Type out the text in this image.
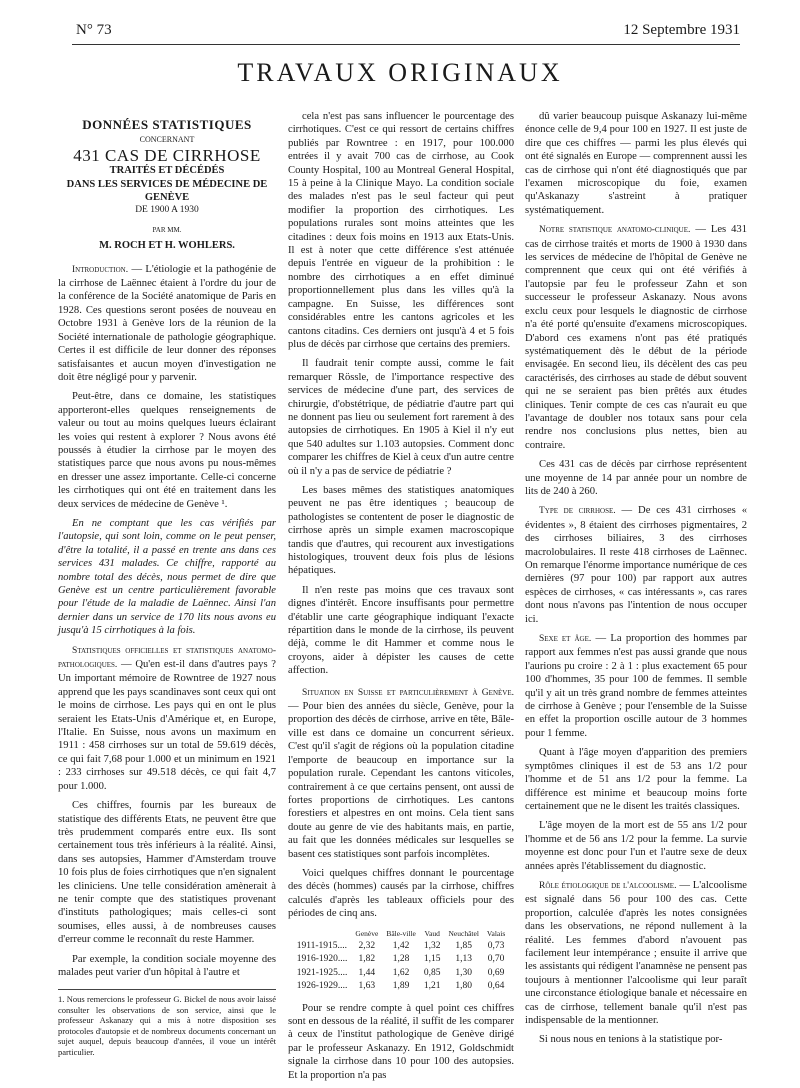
N° 73	12 Septembre 1931
TRAVAUX ORIGINAUX
DONNÉES STATISTIQUES
CONCERNANT
431 CAS DE CIRRHOSE
TRAITÉS ET DÉCÉDÉS
DANS LES SERVICES DE MÉDECINE DE GENÈVE
DE 1900 A 1930
PAR MM.
M. ROCH ET H. WOHLERS.

Introduction. — L'étiologie et la pathogénie de la cirrhose de Laënnec étaient à l'ordre du jour de la conférence de la Société anatomique de Paris en 1928. Ces questions seront posées de nouveau en Octobre 1931 à Genève lors de la réunion de la Société internationale de pathologie géographique. Certes il est difficile de leur donner des réponses satisfaisantes et aucun moyen d'investigation ne doit être négligé pour y parvenir.

Peut-être, dans ce domaine, les statistiques apporteront-elles quelques renseignements de valeur ou tout au moins quelques lueurs éclairant les voies qui restent à explorer ? Nous avons été poussés à étudier la cirrhose par le moyen des statistiques parce que nous avons pu nous-mêmes en dresser une assez importante. Celle-ci concerne les cirrhotiques qui ont été en traitement dans les deux services de médecine de Genève ¹.

En ne comptant que les cas vérifiés par l'autopsie, qui sont loin, comme on le peut penser, d'être la totalité, il a passé en trente ans dans ces services 431 malades. Ce chiffre, rapporté au nombre total des décès, nous permet de dire que Genève est un centre particulièrement favorable pour l'étude de la maladie de Laënnec. Ainsi l'an dernier dans un service de 170 lits nous avons eu jusqu'à 15 cirrhotiques à la fois.

Statistiques officielles et statistiques anatomo-pathologiques. — Qu'en est-il dans d'autres pays ? Un important mémoire de Rowntree de 1927 nous apprend que les pays scandinaves sont ceux qui ont le moins de cirrhose. Les pays qui en ont le plus seraient les Etats-Unis d'Amérique et, en Europe, l'Italie. En Suisse, nous avons un maximum en 1911 : 458 cirrhoses sur un total de 59.619 décès, ce qui fait 7,68 pour 1.000 et un minimum en 1921 : 233 cirrhoses sur 49.518 décès, ce qui fait 4,7 pour 1.000.

Ces chiffres, fournis par les bureaux de statistique des différents Etats, ne peuvent être que très prudemment comparés entre eux. Ils sont certainement tous très inférieurs à la réalité. Ainsi, dans ses autopsies, Hammer d'Amsterdam trouve 10 fois plus de foies cirrhotiques que n'en signalent les cliniciens. Une telle considération amènerait à ne tenir compte que des statistiques provenant d'instituts pathologiques; mais celles-ci sont soumises, elles aussi, à de nombreuses causes d'erreur comme le reconnaît du reste Hammer.

Par exemple, la condition sociale moyenne des malades peut varier d'un hôpital à l'autre et

1. Nous remercions le professeur G. Bickel de nous avoir laissé consulter les observations de son service, ainsi que le professeur Askanazy qui a mis à notre disposition ses protocoles d'autopsie et de nombreux documents concernant un sujet auquel, depuis beaucoup d'années, il voue un intérêt particulier.

cela n'est pas sans influencer le pourcentage des cirrhotiques. C'est ce qui ressort de certains chiffres publiés par Rowntree : en 1917, pour 100.000 entrées il y avait 700 cas de cirrhose, au Cook County Hospital, 100 au Montreal General Hospital, 15 à peine à la Clinique Mayo. La condition sociale des malades n'est pas le seul facteur qui peut modifier la proportion des cirrhotiques. Les populations rurales sont moins atteintes que les citadines : deux fois moins en 1913 aux Etats-Unis. Il est à noter que cette différence s'est atténuée depuis l'entrée en vigueur de la prohibition : le nombre des cirrhotiques a en effet diminué proportionnellement plus dans les villes qu'à la campagne. En Suisse, les différences sont considérables entre les cantons agricoles et les cantons citadins. Ces derniers ont jusqu'à 4 et 5 fois plus de décès par cirrhose que certains des premiers.

Il faudrait tenir compte aussi, comme le fait remarquer Rössle, de l'importance respective des services de médecine d'une part, des services de chirurgie, d'obstétrique, de pédiatrie d'autre part qui ne donnent pas lieu ou seulement fort rarement à des autopsies de cirrhotiques. En 1905 à Kiel il n'y eut que 540 adultes sur 1.103 autopsies. Comment donc comparer les chiffres de Kiel à ceux d'un autre centre où il n'y a pas de service de pédiatrie ?

Les bases mêmes des statistiques anatomiques peuvent ne pas être identiques ; beaucoup de pathologistes se contentent de poser le diagnostic de cirrhose après un simple examen macroscopique tandis que d'autres, qui recourent aux investigations histologiques, trouvent deux fois plus de lésions hépatiques.

Il n'en reste pas moins que ces travaux sont dignes d'intérêt. Encore insuffisants pour permettre d'établir une carte géographique indiquant l'exacte répartition dans le monde de la cirrhose, ils peuvent déjà, comme le dit Hammer et comme nous le croyons, aider à dépister les causes de cette affection.

Situation en Suisse et particulièrement à Genève. — Pour bien des années du siècle, Genève, pour la proportion des décès de cirrhose, arrive en tête, Bâle-ville est dans ce domaine un concurrent sérieux. C'est qu'il s'agit de régions où la population citadine l'emporte de beaucoup en importance sur la population rurale. Cependant les cantons viticoles, contrairement à ce que certains pensent, ont aussi de fortes proportions de cirrhotiques. Les cantons forestiers et alpestres en ont moins. Cela tient sans doute au genre de vie des habitants mais, en partie, au fait que les données médicales sur lesquelles se basent ces statistiques sont parfois incomplètes.

Voici quelques chiffres donnant le pourcentage des décès (hommes) causés par la cirrhose, chiffres calculés d'après les tableaux officiels pour des périodes de cinq ans.

	Genève	Bâle-ville	Vaud	Neuchâtel	Valais
1911-1915....	2,32	1,42	1,32	1,85	0,73
1916-1920....	1,82	1,28	1,15	1,13	0,70
1921-1925....	1,44	1,62	0,85	1,30	0,69
1926-1929....	1,63	1,89	1,21	1,80	0,64

Pour se rendre compte à quel point ces chiffres sont en dessous de la réalité, il suffit de les comparer à ceux de l'institut pathologique de Genève dirigé par le professeur Askanazy. En 1912, Goldschmidt signale la cirrhose dans 10 pour 100 des autopsies. Et la proportion n'a pas

dû varier beaucoup puisque Askanazy lui-même énonce celle de 9,4 pour 100 en 1927. Il est juste de dire que ces chiffres — parmi les plus élevés qui ont été signalés en Europe — comprennent aussi les cas de cirrhose qui n'ont été diagnostiqués que par l'examen microscopique du foie, examen qu'Askanazy s'astreint à pratiquer systématiquement.

Notre statistique anatomo-clinique. — Les 431 cas de cirrhose traités et morts de 1900 à 1930 dans les services de médecine de l'hôpital de Genève ne comprennent que ceux qui ont été vérifiés à l'autopsie par feu le professeur Zahn et son successeur le professeur Askanazy. Nous avons exclu ceux pour lesquels le diagnostic de cirrhose n'a été porté qu'ensuite d'examens microscopiques. D'abord ces examens n'ont pas été pratiqués systématiquement dès le début de la période envisagée. En second lieu, ils décèlent des cas peu caractérisés, des cirrhoses au stade de début souvent qui ne se seraient pas bien prêtés aux études cliniques. Tenir compte de ces cas n'aurait eu que l'avantage de doubler nos totaux sans pour cela rendre nos conclusions plus nettes, bien au contraire.

Ces 431 cas de décès par cirrhose représentent une moyenne de 14 par année pour un nombre de lits de 240 à 260.

Type de cirrhose. — De ces 431 cirrhoses « évidentes », 8 étaient des cirrhoses pigmentaires, 2 des cirrhoses biliaires, 3 des cirrhoses macrolobulaires. Il reste 418 cirrhoses de Laënnec. On remarque l'énorme importance numérique de ces dernières (97 pour 100) par rapport aux autres espèces de cirrhoses, « cas intéressants », cas rares dont nous n'avons pas l'intention de nous occuper ici.

Sexe et âge. — La proportion des hommes par rapport aux femmes n'est pas aussi grande que nous l'aurions pu croire : 2 à 1 : plus exactement 65 pour 100 d'hommes, 35 pour 100 de femmes. Il semble qu'il y ait un très grand nombre de femmes atteintes de cirrhose à Genève ; pour l'ensemble de la Suisse en effet la proportion oscille autour de 3 hommes pour 1 femme.

Quant à l'âge moyen d'apparition des premiers symptômes cliniques il est de 53 ans 1/2 pour l'homme et de 51 ans 1/2 pour la femme. La différence est minime et beaucoup moins forte certainement que ne le disent les traités classiques.

L'âge moyen de la mort est de 55 ans 1/2 pour l'homme et de 56 ans 1/2 pour la femme. La survie moyenne est donc pour l'un et l'autre sexe de deux années après l'établissement du diagnostic.

Rôle étiologique de l'alcoolisme. — L'alcoolisme est signalé dans 56 pour 100 des cas. Cette proportion, calculée d'après les notes consignées dans les observations, ne répond nullement à la réalité. Les femmes d'abord n'avouent pas facilement leur intempérance ; ensuite il arrive que les assistants qui rédigent l'anamnèse ne pensent pas toujours à mentionner l'alcoolisme qui leur paraît une circonstance étiologique banale et nécessaire en cas de cirrhose, tellement banale qu'il n'est pas indispensable de la mentionner.

Si nous nous en tenions à la statistique por-
